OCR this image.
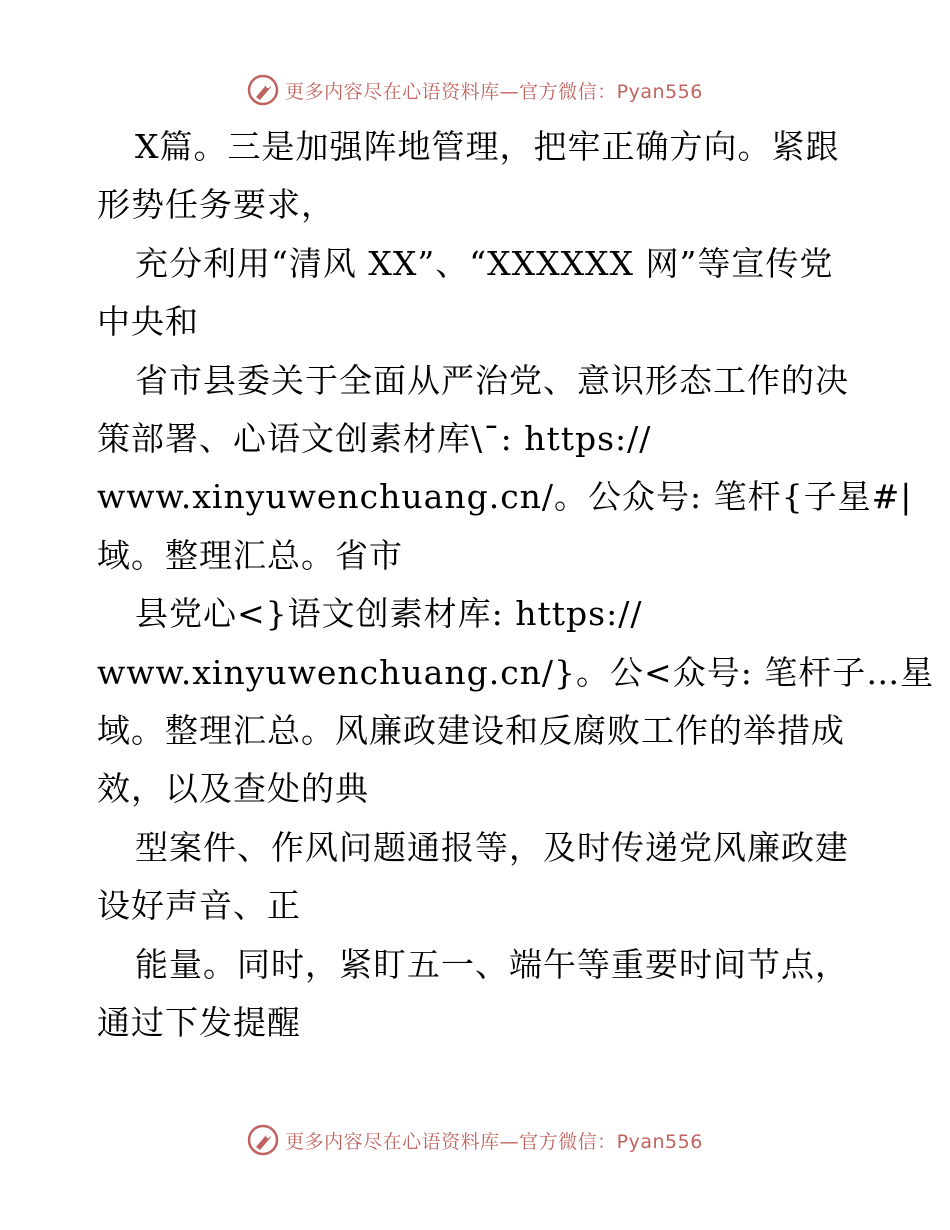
更多内容尽在心语资料库—官方微信：Pyan556

X篇。三是加强阵地管理，把牢正确方向。紧跟

形势任务要求，

充分利用“清风 XX”、“XXXXXX 网”等宣传党

中央和

省市县委关于全面从严治党、意识形态工作的决

策部署、心语文创素材库\¯: https://

www.xinyuwenchuang.cn/。公众号: 笔杆{子星#|

域。整理汇总。省市

县党心<}语文创素材库: https://

www.xinyuwenchuang.cn/}。公<众号: 笔杆子…星

域。整理汇总。风廉政建设和反腐败工作的举措成

效，以及查处的典

型案件、作风问题通报等，及时传递党风廉政建

设好声音、正

能量。同时，紧盯五一、端午等重要时间节点，

通过下发提醒

更多内容尽在心语资料库—官方微信：Pyan556
